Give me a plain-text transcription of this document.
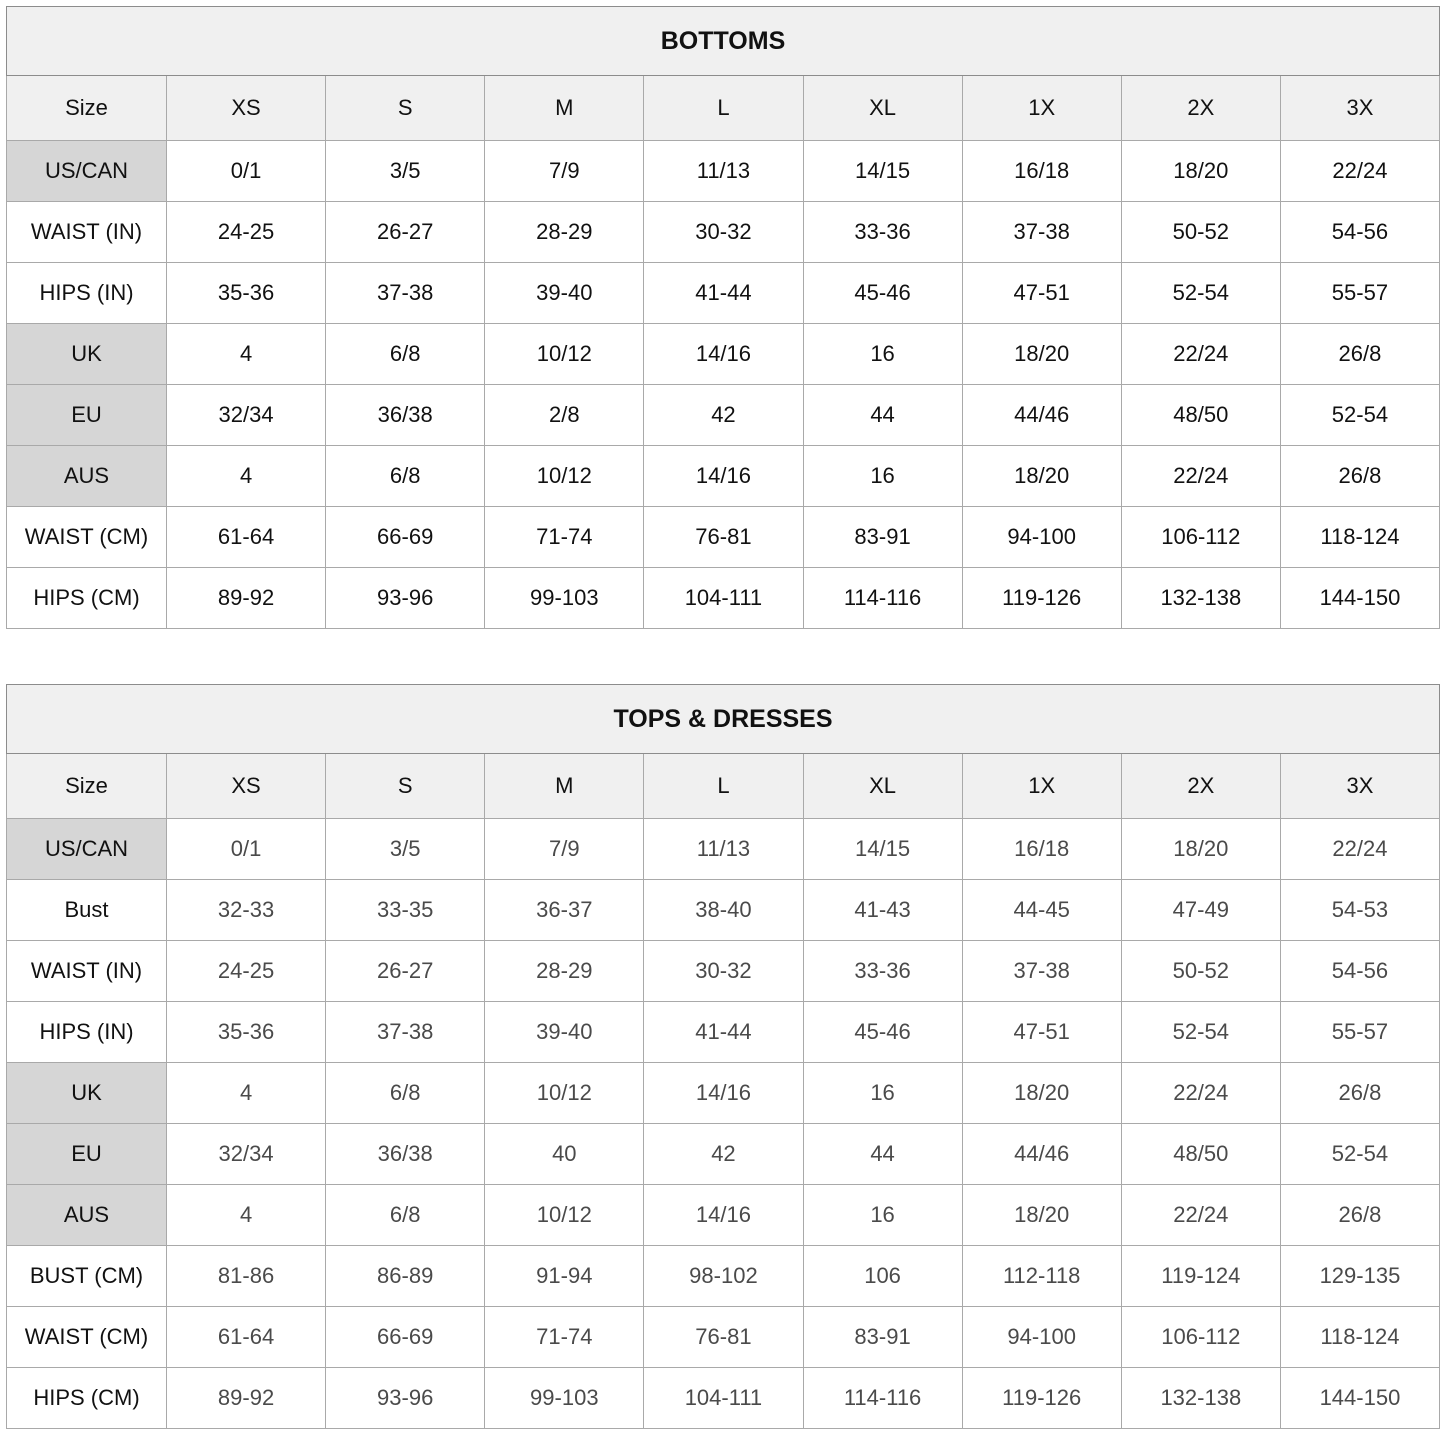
BOTTOMS								
Size	XS	S	M	L	XL	1X	2X	3X
US/CAN	0/1	3/5	7/9	11/13	14/15	16/18	18/20	22/24
WAIST (IN)	24-25	26-27	28-29	30-32	33-36	37-38	50-52	54-56
HIPS (IN)	35-36	37-38	39-40	41-44	45-46	47-51	52-54	55-57
UK	4	6/8	10/12	14/16	16	18/20	22/24	26/8
EU	32/34	36/38	2/8	42	44	44/46	48/50	52-54
AUS	4	6/8	10/12	14/16	16	18/20	22/24	26/8
WAIST (CM)	61-64	66-69	71-74	76-81	83-91	94-100	106-112	118-124
HIPS (CM)	89-92	93-96	99-103	104-111	114-116	119-126	132-138	144-150
TOPS & DRESSES								
Size	XS	S	M	L	XL	1X	2X	3X
US/CAN	0/1	3/5	7/9	11/13	14/15	16/18	18/20	22/24
Bust	32-33	33-35	36-37	38-40	41-43	44-45	47-49	54-53
WAIST (IN)	24-25	26-27	28-29	30-32	33-36	37-38	50-52	54-56
HIPS (IN)	35-36	37-38	39-40	41-44	45-46	47-51	52-54	55-57
UK	4	6/8	10/12	14/16	16	18/20	22/24	26/8
EU	32/34	36/38	40	42	44	44/46	48/50	52-54
AUS	4	6/8	10/12	14/16	16	18/20	22/24	26/8
BUST (CM)	81-86	86-89	91-94	98-102	106	112-118	119-124	129-135
WAIST (CM)	61-64	66-69	71-74	76-81	83-91	94-100	106-112	118-124
HIPS (CM)	89-92	93-96	99-103	104-111	114-116	119-126	132-138	144-150
